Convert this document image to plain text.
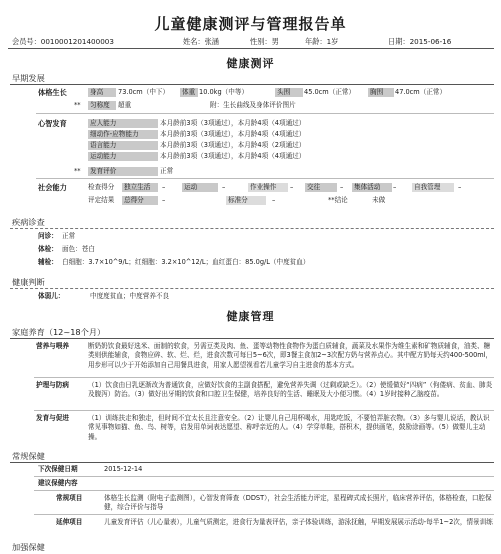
儿童健康测评与管理报告单
会员号：0010001201400003	姓名：张涵	性别：男	年龄：1岁	日期：2015-06-16
健康测评
早期发展
体格生长	身高	73.0cm（中下）	体重 10.0kg（中等）	头围	45.0cm（正常）	胸围	47.0cm（正常）
**	匀称度	超重	附：生长曲线及身体评价图片
心智发育	应人能力	本月龄前3项（3项通过），本月龄4项（4项通过）
细动作-应物能力	本月龄前3项（3项通过），本月龄4项（4项通过）
语言能力	本月龄前3项（3项通过），本月龄4项（2项通过）
运动能力	本月龄前3项（3项通过），本月龄4项（4项通过）
**	发育评价	正常
社会能力	检查得分	独立生活	–	运动	–	作业操作	–	交往	–	集体活动	–	自我管理	–
评定结果	总得分	–	标准分	–	**结论	未做
疾病诊查
问诊： 正常
体检： 面色：苍白
辅检： 白细胞：3.7×10^9/L；红细胞：3.2×10^12/L；血红蛋白：85.0g/L（中度贫血）
健康判断
体弱儿：	中度度贫血；中度营养不良
健康管理
家庭养育（12~18个月）
营养与喂养	断奶奶饮食最好选米、面制的软食，另需豆类及肉、鱼、蛋等动物性食物作为蛋白质辅食，蔬菜及水果作为维生素和矿物质辅食，油类、糖类则供能辅食，食物应碎、软、烂、烂，进食次数可每日5~6次，即3餐主食加2~3次配方奶与营养点心。其中配方奶每天约400-500ml，用步形可以少于开始添加自己用餐具进食，用家人愿望视看若儿童学习自主进食的基本方式。
护理与防病	（1）饮食由日乳逐渐改为普通饮食，应做好饮食的主副食搭配，避免营养失调（过剩或缺乏）。（2）使缓做好“四病”（佝偻病、贫血、肺炎及腹泻）防治。（3）做好出牙期的饮食和口腔卫生保健，培养良好的生活、睡眠及大小便习惯。（4）1岁时接种乙脑疫苗。
发育与促进	（1）训练扶走和独走，但时间不宜太长且注意安全。（2）让婴儿自己用杯喝水，用匙吃饭，不要怕弄脏衣物。（3）多与婴儿说话，教认识常见事物如猫、鱼、鸟、树等，启发用单词表达愿望、称呼亲近的人。（4）学穿单鞋，搭积木，提供画笔，鼓励涂画等。（5）做婴儿主动操。
常规保健
下次保健日期	2015-12-14
建议保健内容
常规项目	体格生长监测（附电子监测图），心智发育筛查（DDST），社会生活能力评定，星程碑式成长照片，临床营养评估，体格检查，口腔保健，综合评价与指导
延伸项目	儿童发育评估（儿心量表），儿童气质测定，进食行为量表评估，亲子体验训练，游泳抚触，早期发展展示活动-每半1~2次，情景训练
加强保健
